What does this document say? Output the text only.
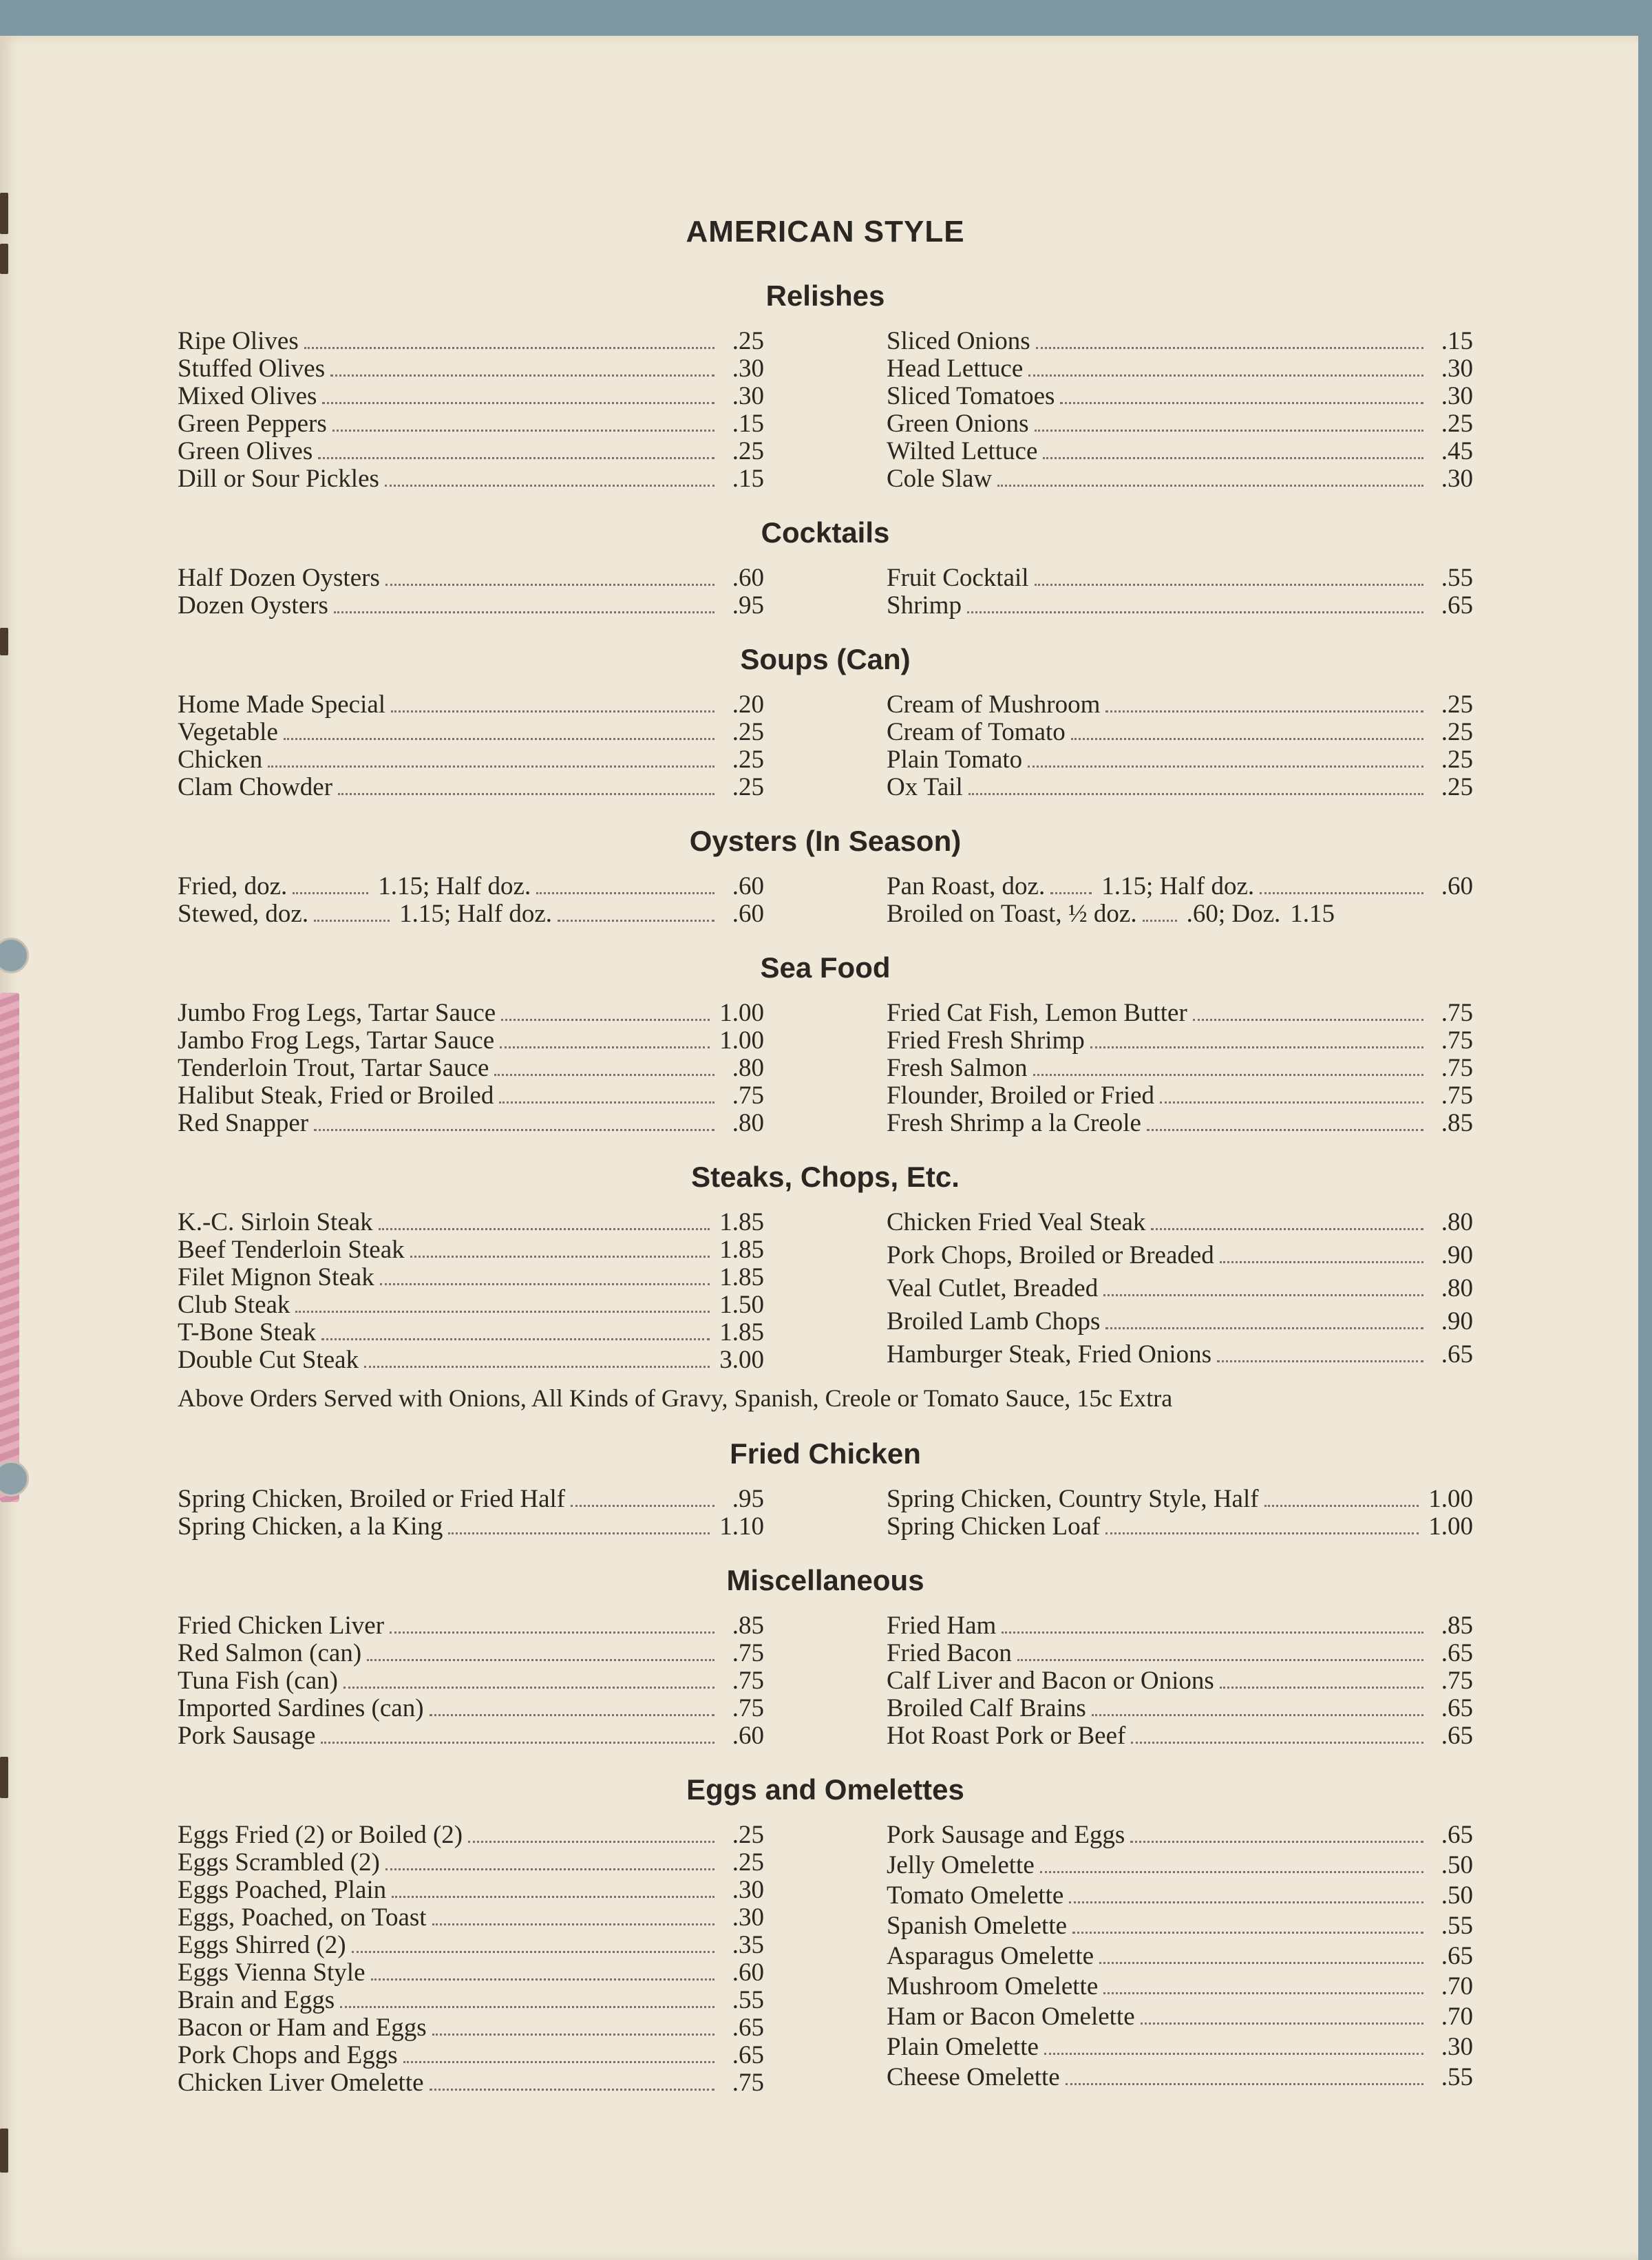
AMERICAN STYLE
Relishes
Ripe Olives	.25
Stuffed Olives	.30
Mixed Olives	.30
Green Peppers	.15
Green Olives	.25
Dill or Sour Pickles	.15
Sliced Onions	.15
Head Lettuce	.30
Sliced Tomatoes	.30
Green Onions	.25
Wilted Lettuce	.45
Cole Slaw	.30
Cocktails
Half Dozen Oysters	.60
Dozen Oysters	.95
Fruit Cocktail	.55
Shrimp	.65
Soups (Can)
Home Made Special	.20
Vegetable	.25
Chicken	.25
Clam Chowder	.25
Cream of Mushroom	.25
Cream of Tomato	.25
Plain Tomato	.25
Ox Tail	.25
Oysters (In Season)
Fried, doz.	1.15; Half doz.	.60
Stewed, doz.	1.15; Half doz.	.60
Pan Roast, doz. 1.15; Half doz.	.60
Broiled on Toast, ½ doz. .60; Doz. 1.15
Sea Food
Jumbo Frog Legs, Tartar Sauce	1.00
Jambo Frog Legs, Tartar Sauce	1.00
Tenderloin Trout, Tartar Sauce	.80
Halibut Steak, Fried or Broiled	.75
Red Snapper	.80
Fried Cat Fish, Lemon Butter	.75
Fried Fresh Shrimp	.75
Fresh Salmon	.75
Flounder, Broiled or Fried	.75
Fresh Shrimp a la Creole	.85
Steaks, Chops, Etc.
K.-C. Sirloin Steak	1.85
Beef Tenderloin Steak	1.85
Filet Mignon Steak	1.85
Club Steak	1.50
T-Bone Steak	1.85
Double Cut Steak	3.00
Chicken Fried Veal Steak	.80
Pork Chops, Broiled or Breaded	.90
Veal Cutlet, Breaded	.80
Broiled Lamb Chops	.90
Hamburger Steak, Fried Onions	.65
Above Orders Served with Onions, All Kinds of Gravy, Spanish, Creole or Tomato Sauce, 15c Extra
Fried Chicken
Spring Chicken, Broiled or Fried Half	.95
Spring Chicken, a la King	1.10
Spring Chicken, Country Style, Half	1.00
Spring Chicken Loaf	1.00
Miscellaneous
Fried Chicken Liver	.85
Red Salmon (can)	.75
Tuna Fish (can)	.75
Imported Sardines (can)	.75
Pork Sausage	.60
Fried Ham	.85
Fried Bacon	.65
Calf Liver and Bacon or Onions	.75
Broiled Calf Brains	.65
Hot Roast Pork or Beef	.65
Eggs and Omelettes
Eggs Fried (2) or Boiled (2)	.25
Eggs Scrambled (2)	.25
Eggs Poached, Plain	.30
Eggs, Poached, on Toast	.30
Eggs Shirred (2)	.35
Eggs Vienna Style	.60
Brain and Eggs	.55
Bacon or Ham and Eggs	.65
Pork Chops and Eggs	.65
Chicken Liver Omelette	.75
Pork Sausage and Eggs	.65
Jelly Omelette	.50
Tomato Omelette	.50
Spanish Omelette	.55
Asparagus Omelette	.65
Mushroom Omelette	.70
Ham or Bacon Omelette	.70
Plain Omelette	.30
Cheese Omelette	.55
